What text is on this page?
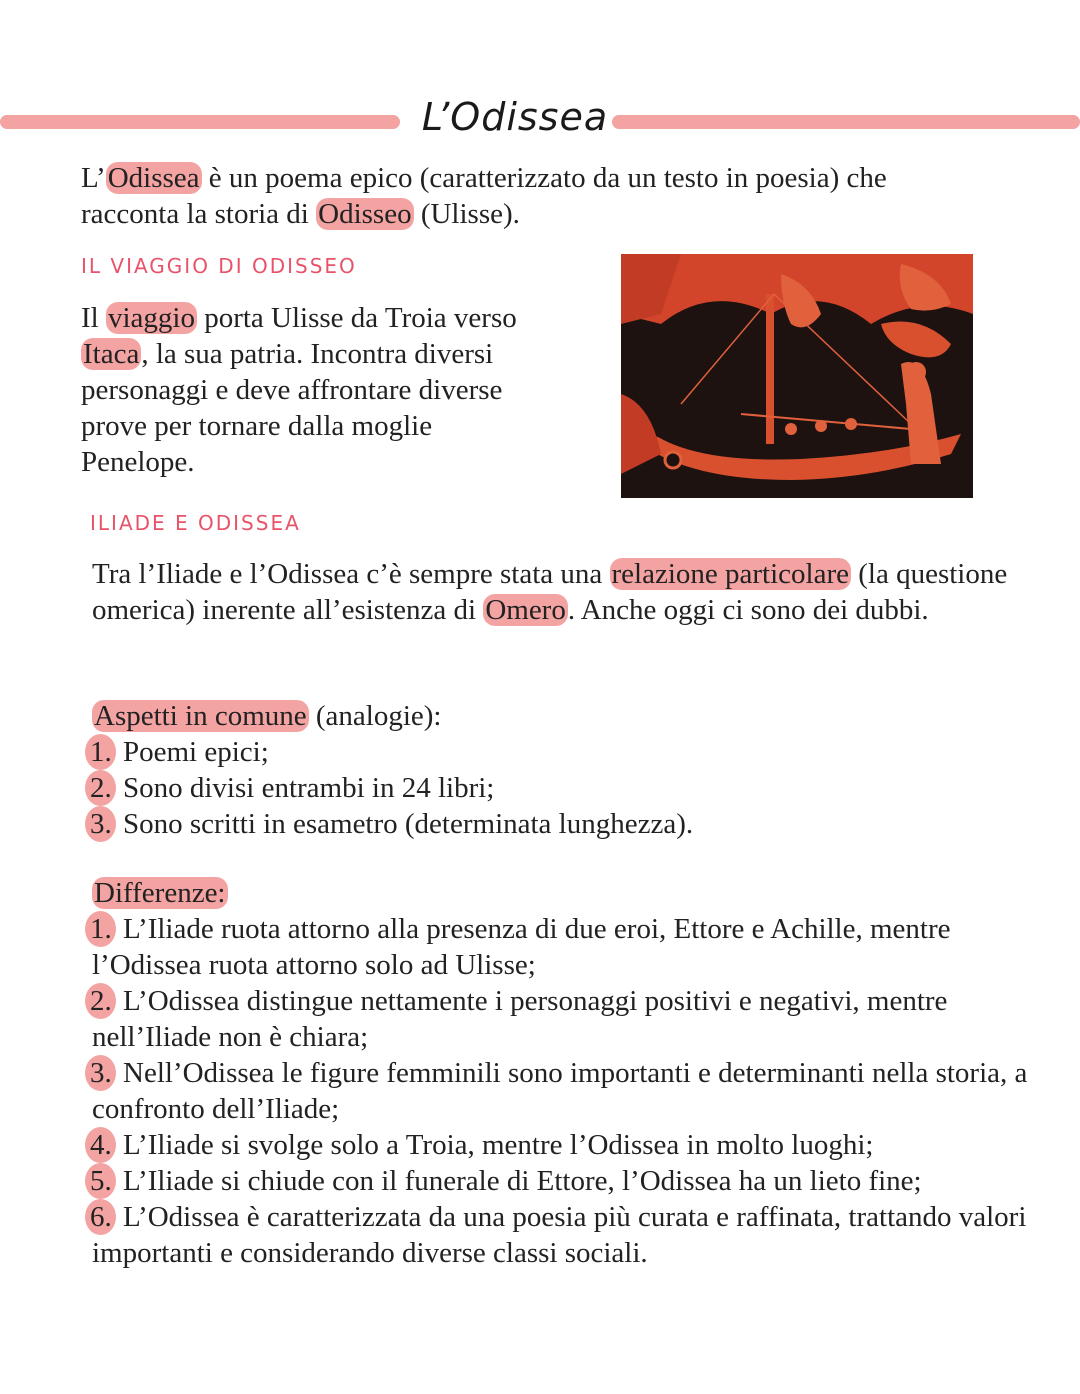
L’Odissea

L’Odissea è un poema epico (caratterizzato da un testo in poesia) che racconta la storia di Odisseo (Ulisse).

IL VIAGGIO DI ODISSEO

Il viaggio porta Ulisse da Troia verso Itaca, la sua patria. Incontra diversi personaggi e deve affrontare diverse prove per tornare dalla moglie Penelope.

ILIADE E ODISSEA

Tra l’Iliade e l’Odissea c’è sempre stata una relazione particolare (la questione omerica) inerente all’esistenza di Omero. Anche oggi ci sono dei dubbi.

Aspetti in comune (analogie):
1. Poemi epici;
2. Sono divisi entrambi in 24 libri;
3. Sono scritti in esametro (determinata lunghezza).
Differenze:
1. L’Iliade ruota attorno alla presenza di due eroi, Ettore e Achille, mentre l’Odissea ruota attorno solo ad Ulisse;
2. L’Odissea distingue nettamente i personaggi positivi e negativi, mentre nell’Iliade non è chiara;
3. Nell’Odissea le figure femminili sono importanti e determinanti nella storia, a confronto dell’Iliade;
4. L’Iliade si svolge solo a Troia, mentre l’Odissea in molto luoghi;
5. L’Iliade si chiude con il funerale di Ettore, l’Odissea ha un lieto fine;
6. L’Odissea è caratterizzata da una poesia più curata e raffinata, trattando valori importanti e considerando diverse classi sociali.
